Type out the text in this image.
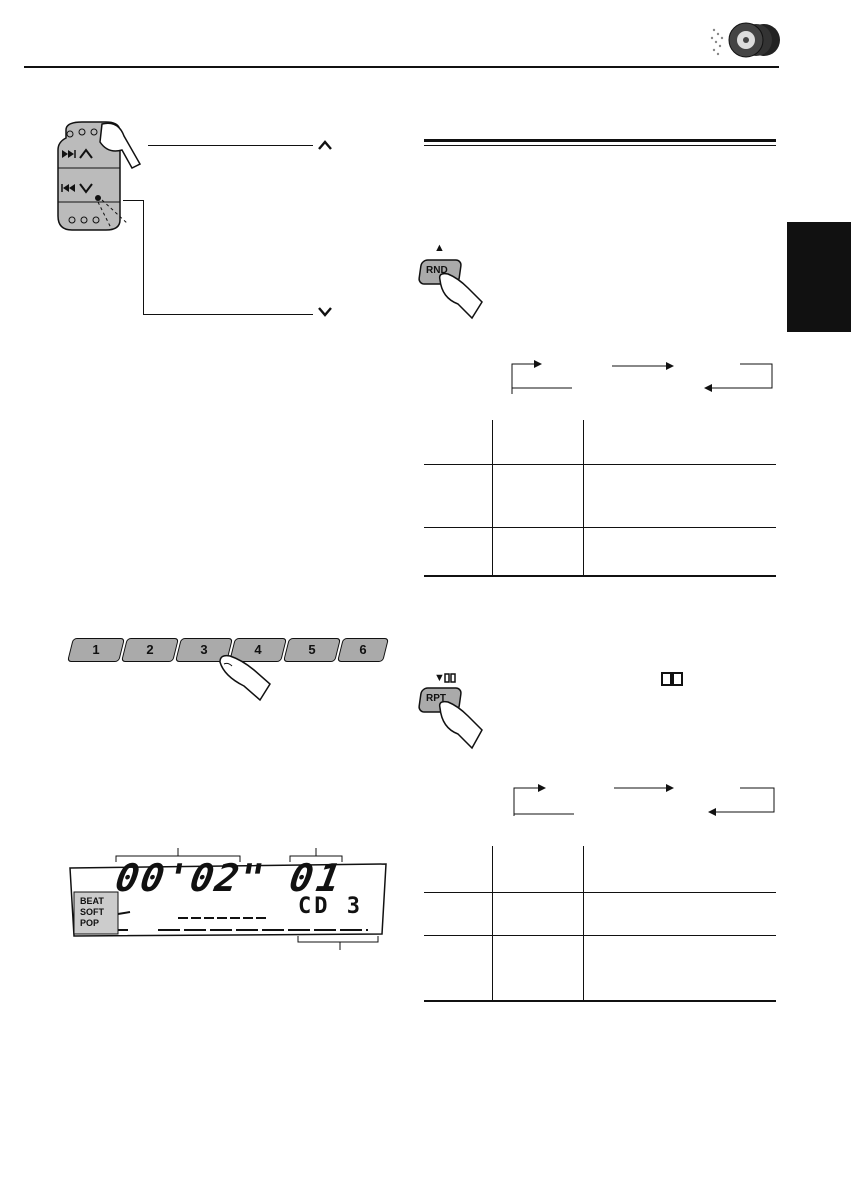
1	2	3	4	5	6
00'02" 01
CD 3
BEAT
SOFT
POP
▲
RND
▼
RPT
